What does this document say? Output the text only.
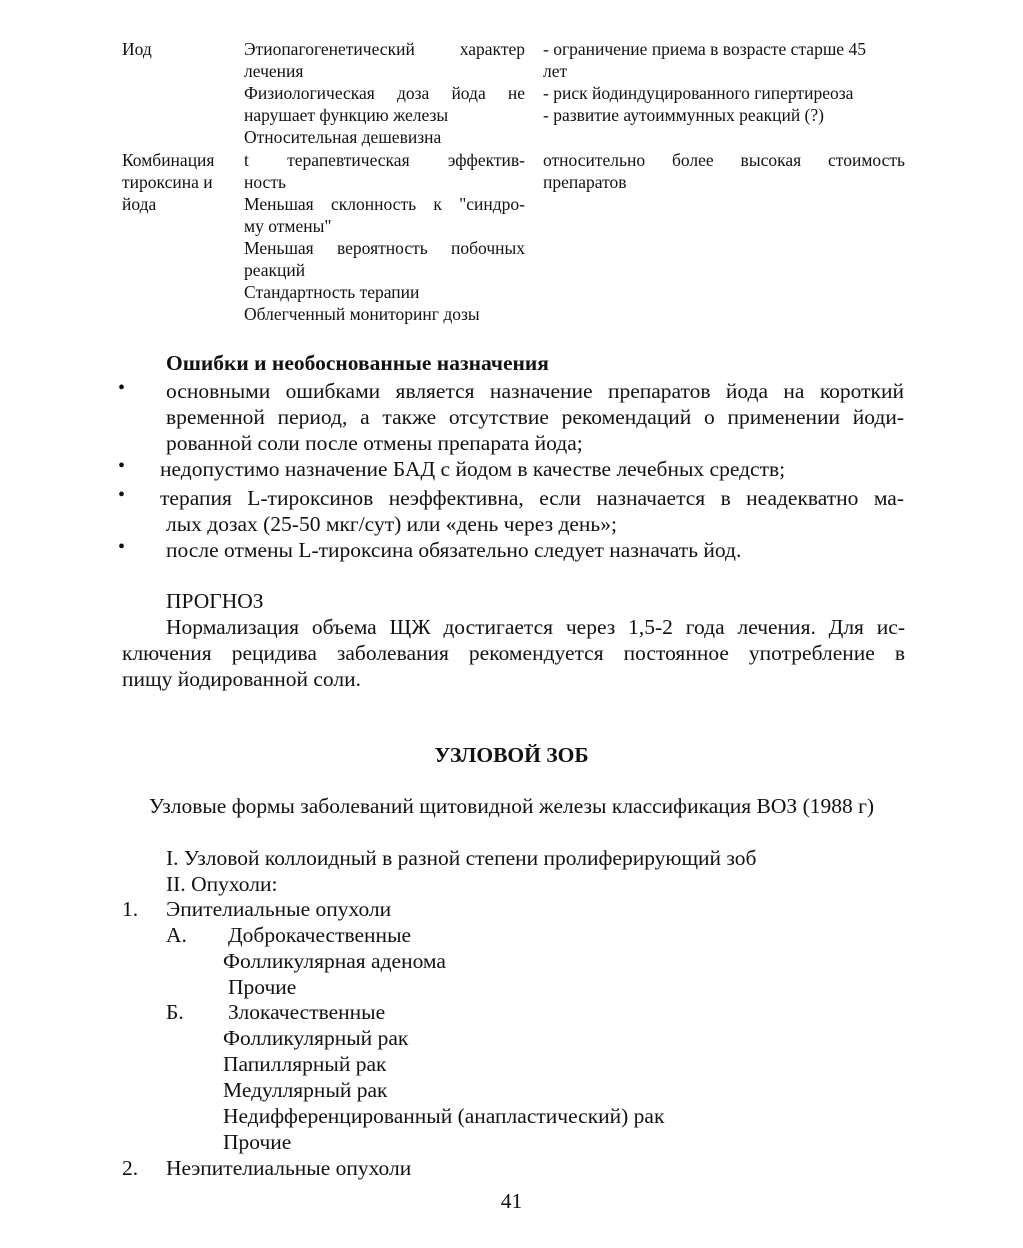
Иод	Этиопагогенетический характер
лечения
Физиологическая доза йода не
нарушает функцию железы
Относительная дешевизна
- ограничение приема в возрасте старше 45
лет
- риск йодиндуцированного гипертиреоза
- развитие аутоиммунных реакций (?)
Комбинация
тироксина и
йода
t терапевтическая эффектив-
ность
Меньшая склонность к "синдро-
му отмены"
Меньшая вероятность побочных
реакций
Стандартность терапии
Облегченный мониторинг дозы
относительно более высокая стоимость
препаратов
Ошибки и необоснованные назначения
• основными ошибками является назначение препаратов йода на короткий
временной период, а также отсутствие рекомендаций о применении йоди-
рованной соли после отмены препарата йода;
• недопустимо назначение БАД с йодом в качестве лечебных средств;
• терапия L-тироксинов неэффективна, если назначается в неадекватно ма-
лых дозах (25-50 мкг/сут) или «день через день»;
• после отмены L-тироксина обязательно следует назначать йод.
ПРОГНОЗ
Нормализация объема ЩЖ достигается через 1,5-2 года лечения. Для ис-
ключения рецидива заболевания рекомендуется постоянное употребление в
пищу йодированной соли.
УЗЛОВОЙ ЗОБ
Узловые формы заболеваний щитовидной железы классификация ВОЗ (1988 г)
I. Узловой коллоидный в разной степени пролиферирующий зоб
II. Опухоли:
1. Эпителиальные опухоли
А. Доброкачественные
Фолликулярная аденома
Прочие
Б. Злокачественные
Фолликулярный рак
Папиллярный рак
Медуллярный рак
Недифференцированный (анапластический) рак
Прочие
2. Неэпителиальные опухоли
41
